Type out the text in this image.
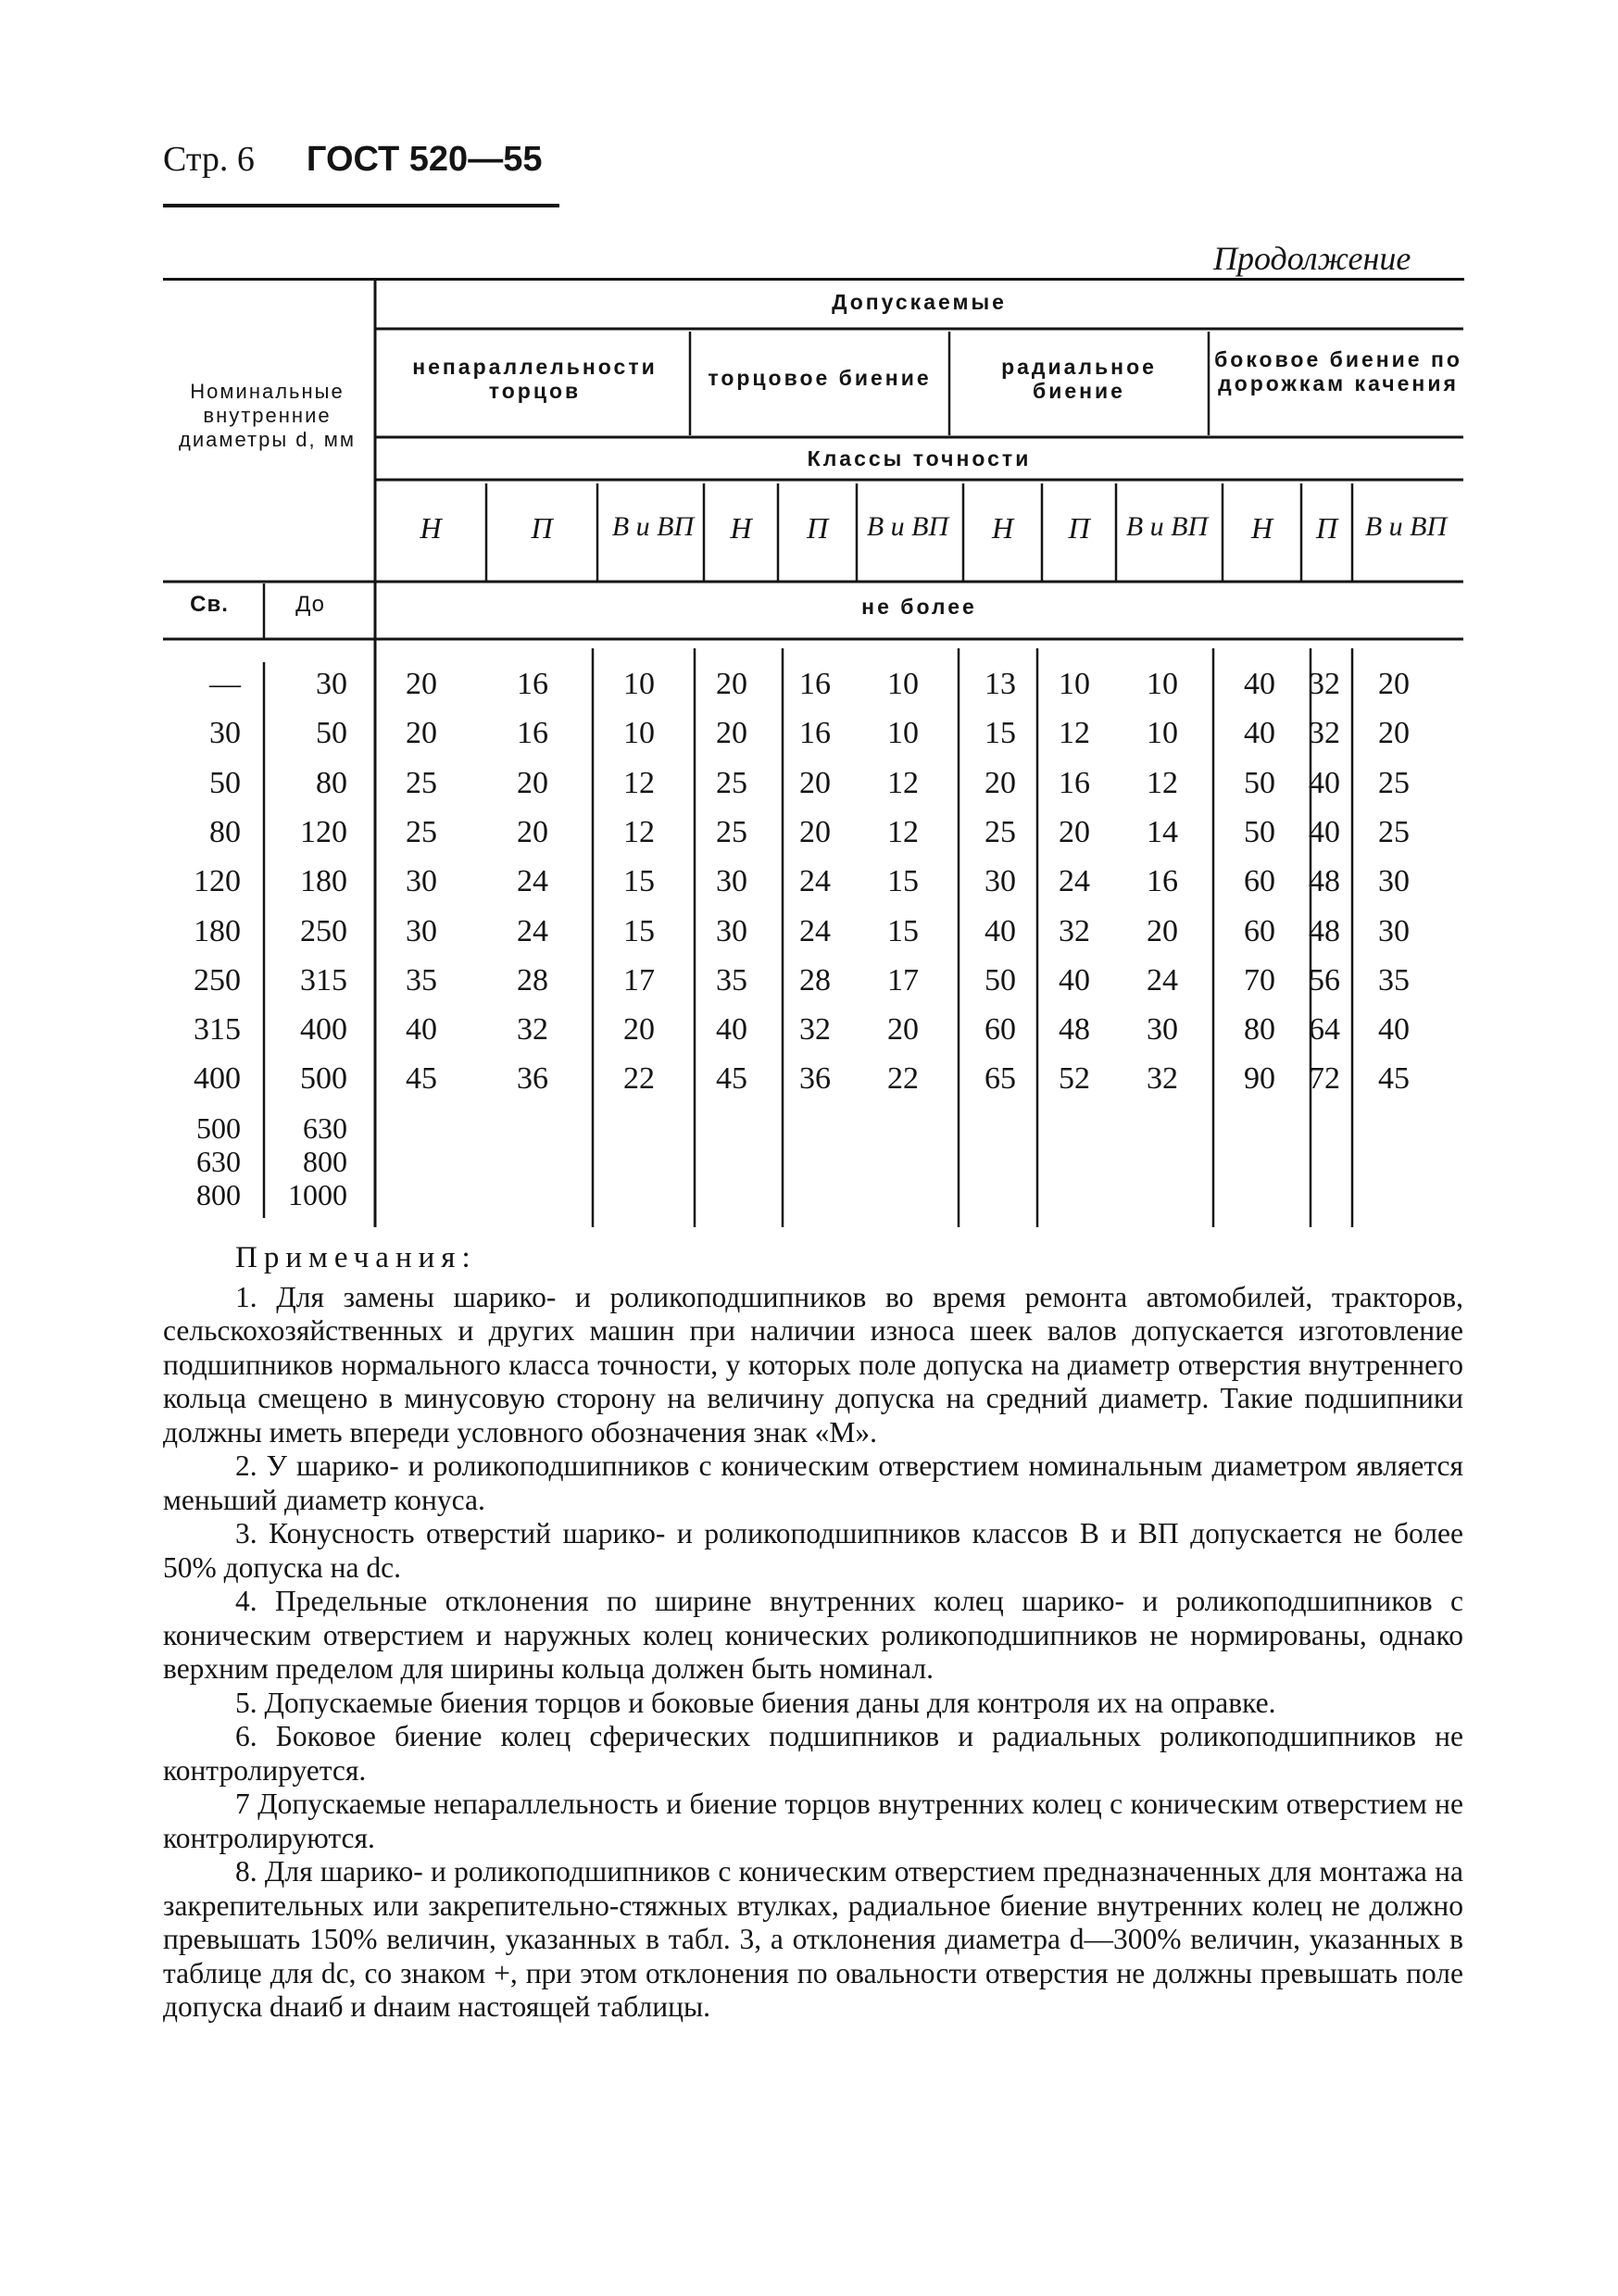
Стр. 6 ГОСТ 520—55
Продолжение
Номинальные внутренние диаметры d, мм
Св.	До
Допускаемые
непараллельности торцов
торцовое биение	радиальное биение
боковое биение по дорожкам качения
Классы точности
не более
Н	П	В и ВП	Н	П	В и ВП	Н	П	В и ВП	Н	П В и ВП
—	30	20	16	10	20	16	10	13	10	10	40	32	20
30	50	20	16	10	20	16	10	15	12	10	40	32	20
50	80	25	20	12	25	20	12	20	16	12	50	40	25
80	120	25	20	12	25	20	12	25	20	14	50	40	25
120	180	30	24	15	30	24	15	30	24	16	60	48	30
180	250	30	24	15	30	24	15	40	32	20	60	48	30
250	315	35	28	17	35	28	17	50	40	24	70	56	35
315	400	40	32	20	40	32	20	60	48	30	80	64	40
400	500	45	36	22	45	36	22	65	52	32	90	72	45
500	630
630	800
800	1000
Примечания:

1. Для замены шарико- и роликоподшипников во время ремонта автомобилей, тракторов, сельскохозяйственных и других машин при наличии износа шеек валов допускается изготовление подшипников нормального класса точности, у которых поле допуска на диаметр отверстия внутреннего кольца смещено в минусовую сторону на величину допуска на средний диаметр. Такие подшипники должны иметь впереди условного обозначения знак «М».

2. У шарико- и роликоподшипников с коническим отверстием номинальным диаметром является меньший диаметр конуса.

3. Конусность отверстий шарико- и роликоподшипников классов В и ВП допускается не более 50% допуска на dс.

4. Предельные отклонения по ширине внутренних колец шарико- и роликоподшипников с коническим отверстием и наружных колец конических роликоподшипников не нормированы, однако верхним пределом для ширины кольца должен быть номинал.

5. Допускаемые биения торцов и боковые биения даны для контроля их на оправке.

6. Боковое биение колец сферических подшипников и радиальных роликоподшипников не контролируется.

7 Допускаемые непараллельность и биение торцов внутренних колец с коническим отверстием не контролируются.

8. Для шарико- и роликоподшипников с коническим отверстием предназначенных для монтажа на закрепительных или закрепительно-стяжных втулках, радиальное биение внутренних колец не должно превышать 150% величин, указанных в табл. 3, а отклонения диаметра d—300% величин, указанных в таблице для dс, со знаком +, при этом отклонения по овальности отверстия не должны превышать поле допуска dнаиб и dнаим настоящей таблицы.
